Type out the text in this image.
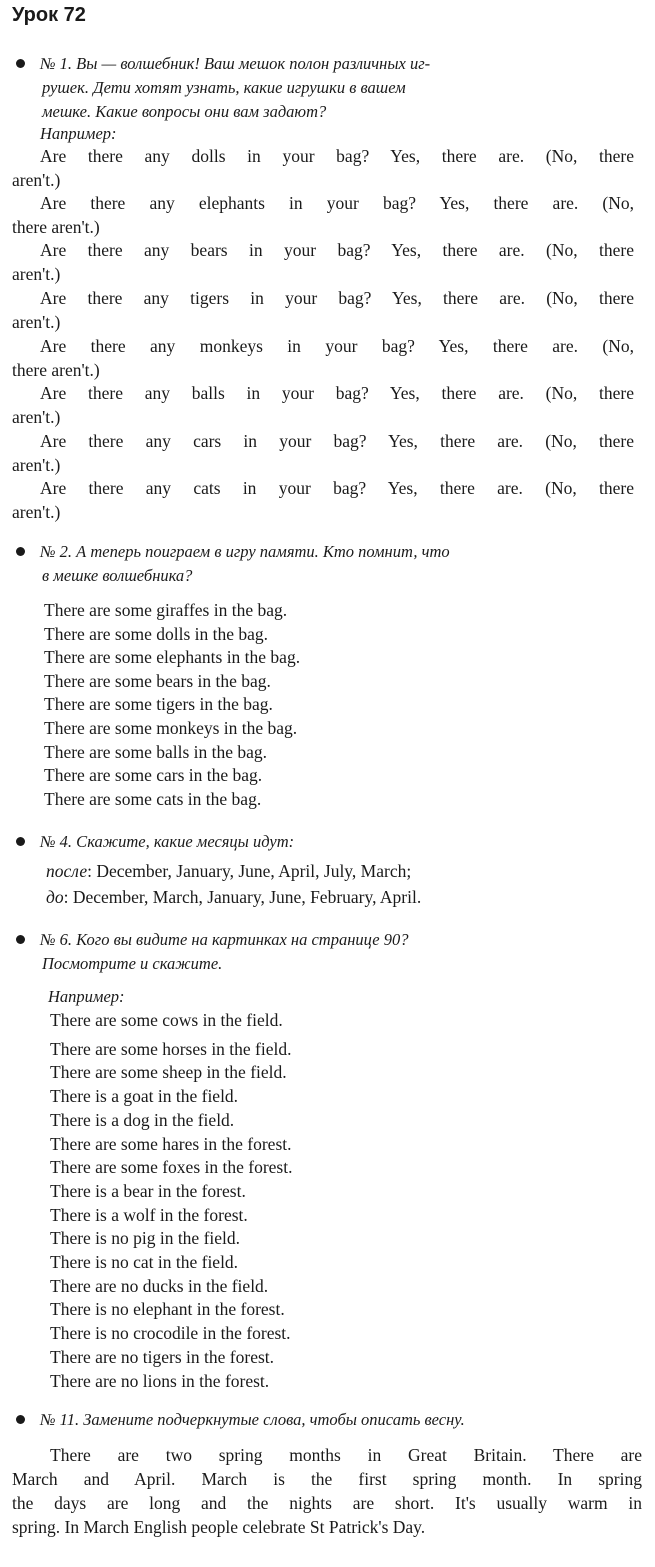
Урок 72
№ 1. Вы — волшебник! Ваш мешок полон различных иг-
рушек. Дети хотят узнать, какие игрушки в вашем
мешке. Какие вопросы они вам задают?
Например:
Are there any dolls in your bag? Yes, there are. (No, there
aren't.)
Are there any elephants in your bag? Yes, there are. (No,
there aren't.)
Are there any bears in your bag? Yes, there are. (No, there
aren't.)
Are there any tigers in your bag? Yes, there are. (No, there
aren't.)
Are there any monkeys in your bag? Yes, there are. (No,
there aren't.)
Are there any balls in your bag? Yes, there are. (No, there
aren't.)
Are there any cars in your bag? Yes, there are. (No, there
aren't.)
Are there any cats in your bag? Yes, there are. (No, there
aren't.)
№ 2. А теперь поиграем в игру памяти. Кто помнит, что
в мешке волшебника?
There are some giraffes in the bag.
There are some dolls in the bag.
There are some elephants in the bag.
There are some bears in the bag.
There are some tigers in the bag.
There are some monkeys in the bag.
There are some balls in the bag.
There are some cars in the bag.
There are some cats in the bag.
№ 4. Скажите, какие месяцы идут:
после: December, January, June, April, July, March;
до: December, March, January, June, February, April.
№ 6. Кого вы видите на картинках на странице 90?
Посмотрите и скажите.
Например:
There are some cows in the field.
There are some horses in the field.
There are some sheep in the field.
There is a goat in the field.
There is a dog in the field.
There are some hares in the forest.
There are some foxes in the forest.
There is a bear in the forest.
There is a wolf in the forest.
There is no pig in the field.
There is no cat in the field.
There are no ducks in the field.
There is no elephant in the forest.
There is no crocodile in the forest.
There are no tigers in the forest.
There are no lions in the forest.
№ 11. Замените подчеркнутые слова, чтобы описать весну.
There are two spring months in Great Britain. There are
March and April. March is the first spring month. In spring
the days are long and the nights are short. It's usually warm in
spring. In March English people celebrate St Patrick's Day.
